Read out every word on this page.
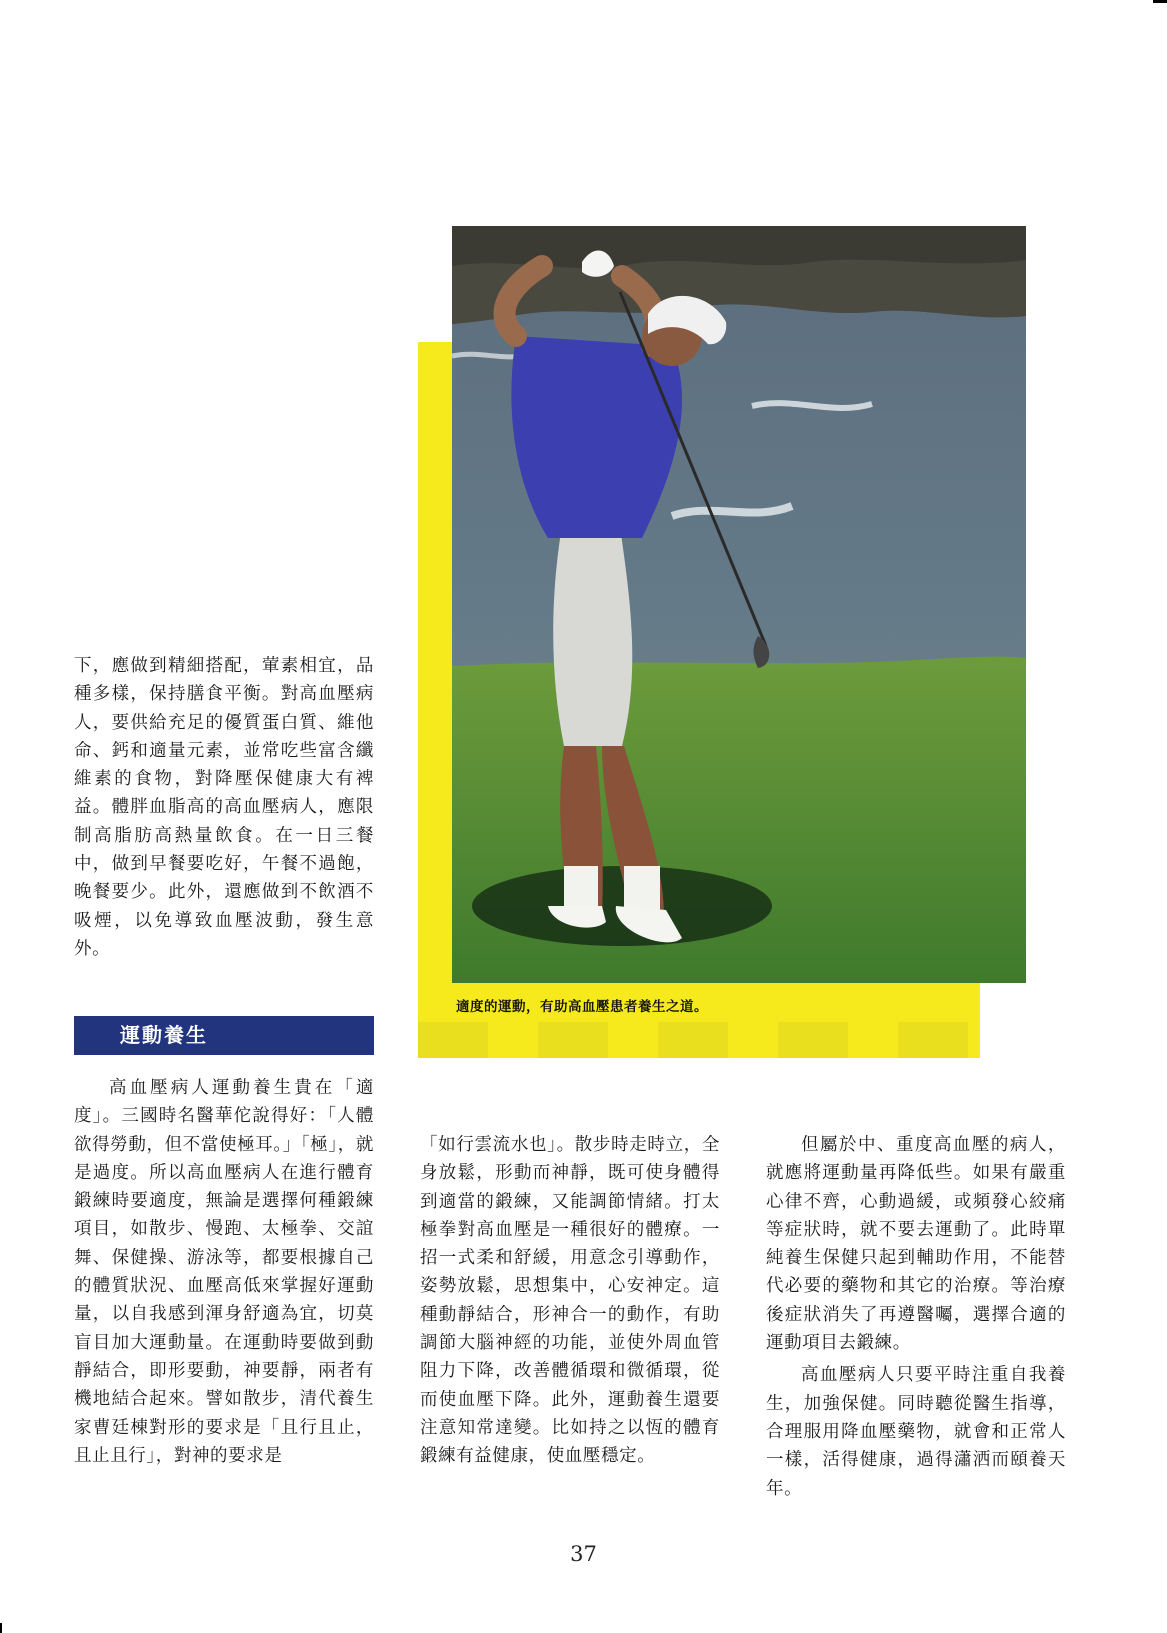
下，應做到精細搭配，葷素相宜，品種多樣，保持膳食平衡。對高血壓病人，要供給充足的優質蛋白質、維他命、鈣和適量元素，並常吃些富含纖維素的食物，對降壓保健康大有裨益。體胖血脂高的高血壓病人，應限制高脂肪高熱量飲食。在一日三餐中，做到早餐要吃好，午餐不過飽，晚餐要少。此外，還應做到不飲酒不吸煙，以免導致血壓波動，發生意外。

運動養生

高血壓病人運動養生貴在「適度」。三國時名醫華佗說得好：「人體欲得勞動，但不當使極耳。」「極」，就是過度。所以高血壓病人在進行體育鍛練時要適度，無論是選擇何種鍛練項目，如散步、慢跑、太極拳、交誼舞、保健操、游泳等，都要根據自己的體質狀況、血壓高低來掌握好運動量，以自我感到渾身舒適為宜，切莫盲目加大運動量。在運動時要做到動靜結合，即形要動，神要靜，兩者有機地結合起來。譬如散步，清代養生家曹廷棟對形的要求是「且行且止，且止且行」，對神的要求是

適度的運動，有助高血壓患者養生之道。

「如行雲流水也」。散步時走時立，全身放鬆，形動而神靜，既可使身體得到適當的鍛練，又能調節情緒。打太極拳對高血壓是一種很好的體療。一招一式柔和舒緩，用意念引導動作，姿勢放鬆，思想集中，心安神定。這種動靜結合，形神合一的動作，有助調節大腦神經的功能，並使外周血管阻力下降，改善體循環和微循環，從而使血壓下降。此外，運動養生還要注意知常達變。比如持之以恆的體育鍛練有益健康，使血壓穩定。

但屬於中、重度高血壓的病人，就應將運動量再降低些。如果有嚴重心律不齊，心動過緩，或頻發心絞痛等症狀時，就不要去運動了。此時單純養生保健只起到輔助作用，不能替代必要的藥物和其它的治療。等治療後症狀消失了再遵醫囑，選擇合適的運動項目去鍛練。

高血壓病人只要平時注重自我養生，加強保健。同時聽從醫生指導，合理服用降血壓藥物，就會和正常人一樣，活得健康，過得瀟洒而頤養天年。

37
